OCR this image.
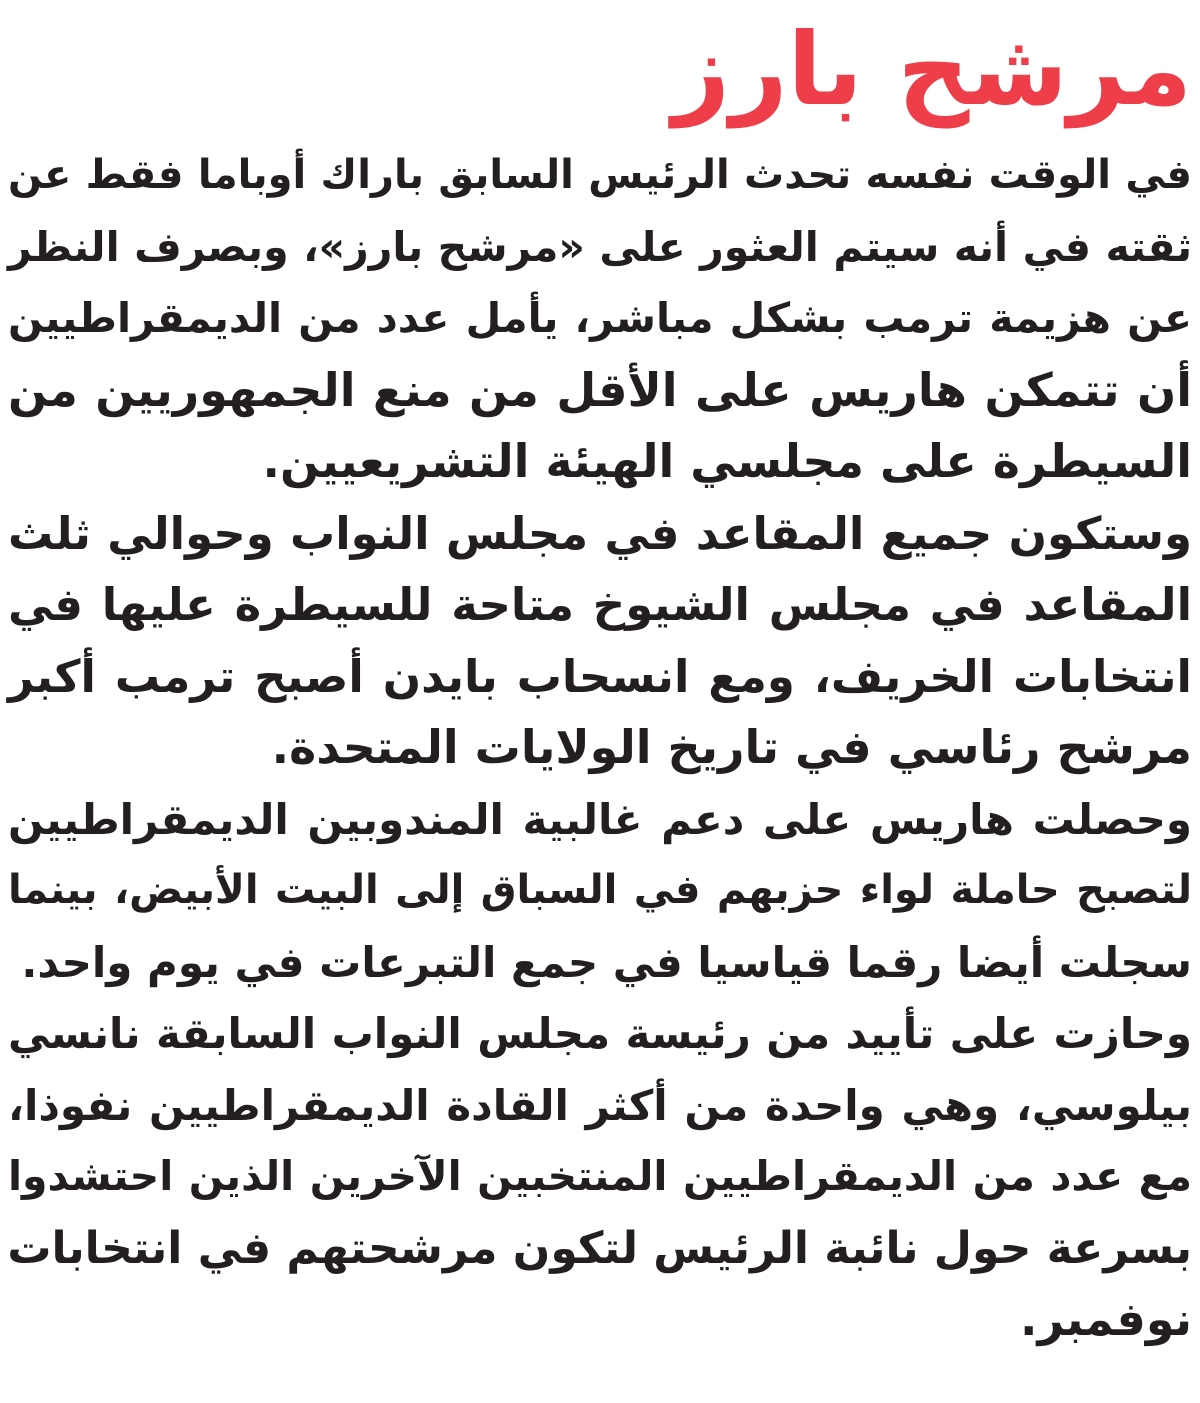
مرشح بارز
في الوقت نفسه تحدث الرئيس السابق باراك أوباما فقط عن
ثقته في أنه سيتم العثور على «مرشح بارز»، وبصرف النظر
عن هزيمة ترمب بشكل مباشر، يأمل عدد من الديمقراطيين
أن تتمكن هاريس على الأقل من منع الجمهوريين من
السيطرة على مجلسي الهيئة التشريعيين.
وستكون جميع المقاعد في مجلس النواب وحوالي ثلث
المقاعد في مجلس الشيوخ متاحة للسيطرة عليها في
انتخابات الخريف، ومع انسحاب بايدن أصبح ترمب أكبر
مرشح رئاسي في تاريخ الولايات المتحدة.
وحصلت هاريس على دعم غالبية المندوبين الديمقراطيين
لتصبح حاملة لواء حزبهم في السباق إلى البيت الأبيض، بينما
سجلت أيضا رقما قياسيا في جمع التبرعات في يوم واحد.
وحازت على تأييد من رئيسة مجلس النواب السابقة نانسي
بيلوسي، وهي واحدة من أكثر القادة الديمقراطيين نفوذا،
مع عدد من الديمقراطيين المنتخبين الآخرين الذين احتشدوا
بسرعة حول نائبة الرئيس لتكون مرشحتهم في انتخابات
نوفمبر.
